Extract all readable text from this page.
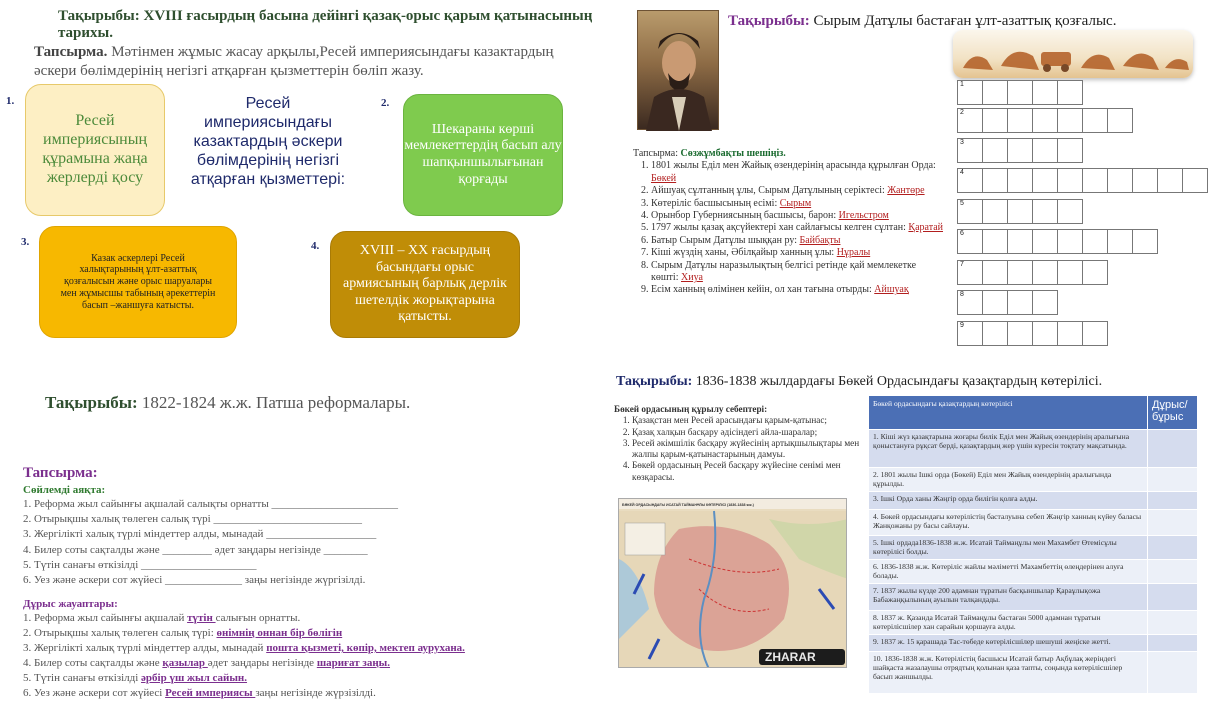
Тақырыбы: XVIII ғасырдың басына дейінгі қазақ-орыс қарым қатынасының тарихы.
Тапсырма. Мәтінмен жұмыс жасау арқылы,Ресей империясындағы казактардың әскери бөлімдерінің негізгі атқарған қызметтерін бөліп жазу.
1.
Ресей империясының құрамына жаңа жерлерді қосу
Ресей империясындағы казактардың әскери бөлімдерінің негізгі атқарған қызметтері:
2.
Шекараны көрші мемлекеттердің басып алу шапқыншылығынан қорғады
3.
Казак әскерлері Ресей халықтарының ұлт-азаттық қозғалысын және орыс шаруалары мен жұмысшы табының әрекеттерін басып –жаншуға катысты.
4.	XVIII – XX ғасырдың басындағы орыс армиясының барлық дерлік шетелдік жорықтарына қатысты.
Тақырыбы: Сырым Датұлы бастаған ұлт-азаттық қозғалыс.
Тапсырма: Сөзжұмбақты шешіңіз.
1. 1801 жылы Еділ мен Жайық өзендерінің арасында құрылған Орда: Бөкей
2. Айшуақ сұлтанның ұлы, Сырым Датұлының серіктесі: Жантөре
3. Көтеріліс басшысының есімі: Сырым
4. Орынбор Губерниясының басшысы, барон: Игельстром
5. 1797 жылы қазақ ақсүйектері хан сайлағысы келген сұлтан: Қаратай
6. Батыр Сырым Датұлы шыққан ру: Байбақты
7. Кіші жүздің ханы, Әбілқайыр ханның ұлы: Нұралы
8. Сырым Датұлы наразылықтың белгісі ретінде қай мемлекетке көшті: Хиуа
9. Есім ханның өлімінен кейін, ол хан тағына отырды: Айшуақ
1
2
3
4
5
6
7
8
9
Тақырыбы: 1822-1824 ж.ж. Патша реформалары.
Тапсырма:
Сөйлемді аяқта:
1. Реформа жыл сайынғы ақшалай салықты орнатты _______________________
2. Отырықшы халық төлеген салық түрі ___________________________
3. Жергілікті халық түрлі міндеттер алды, мынадай ____________________
4. Билер соты сақталды және _________ әдет заңдары негізінде ________
5. Түтін санағы өткізілді _____________________
6. Уез және әскери сот жүйесі ______________ заңы негізінде жүргізілді.
Дұрыс жауаптары:
1. Реформа жыл сайынғы ақшалай түтін салығын орнатты.
2. Отырықшы халық төлеген салық түрі: өнімнің оннан бір бөлігін
3. Жергілікті халық түрлі міндеттер алды, мынадай пошта қызметі, көпір, мектеп аурухана.
4. Билер соты сақталды және қазылар әдет заңдары негізінде шариғат заңы.
5. Түтін санағы өткізілді әрбір үш жыл сайын.
6. Уез және әскери сот жүйесі Ресей империясы заңы негізінде жүрзізілді.
Тақырыбы: 1836-1838 жылдардағы Бөкей Ордасындағы қазақтардың көтерілісі.
Бөкей ордасының құрылу себептері:
1. Қазақстан мен Ресей арасындағы қарым-қатынас;
2. Қазақ халқын басқару әдісіндегі айла-шаралар;
3. Ресей әкімшілік басқару жүйесінің артықшылықтары мен жалпы қарым-қатынастарының дамуы.
4. Бөкей ордасының Ресей басқару жүйесіне сенімі мен көзқарасы.
БӨКЕЙ ОРДАСЫНДАҒЫ ИСАТАЙ ТАЙМАНҰЛЫ КӨТЕРІЛІСІ (1836-1838 жж.)
ZHARAR
Бөкей ордасындағы қазақтардың көтерілісі	Дұрыс/ бұрыс
1. Кіші жүз қазақтарына жоғары билік Еділ мен Жайық өзендерінің аралығына қоныстануға рұқсат берді, қазақтардың жер үшін күресін тоқтату мақсатында.	
2. 1801 жылы Ішкі орда (Бөкей) Еділ мен Жайық өзендерінің аралығында құрылды.	
3. Ішкі Орда ханы Жәңгір орда билігін қолға алды.	
4. Бөкей ордасындағы көтерілістің басталуына себеп Жәңгір ханның күйеу баласы Жанқожаны ру басы сайлауы.	
5. Ішкі ордада1836-1838 ж.ж. Исатай Таймаңұлы мен Махамбет Өтемісұлы көтерілісі болды.	
6. 1836-1838 ж.ж. Көтеріліс жайлы мәліметті Махамбеттің өлеңдерінен алуға болады.	
7. 1837 жылы күзде 200 адамнан тұратын басқыншылар Қараұлықожа Бабажаңқылының ауылын талқандады.	
8. 1837 ж. Қазанда Исатай Таймаңұлы бастаған 5000 адамнан тұратын көтерілісшілер хан сарайын қоршауға алды.	
9. 1837 ж. 15 қарашада Тас-төбеде көтерілісшілер шешуші жеңіске жетті.	
10. 1836-1838 ж.ж. Көтерілістің басшысы Исатай батыр Ақбұлақ жеріндегі шайқаста жазалаушы отрядтың қолынан қаза тапты, соңында көтерілісшілер басып жаншылды.	
